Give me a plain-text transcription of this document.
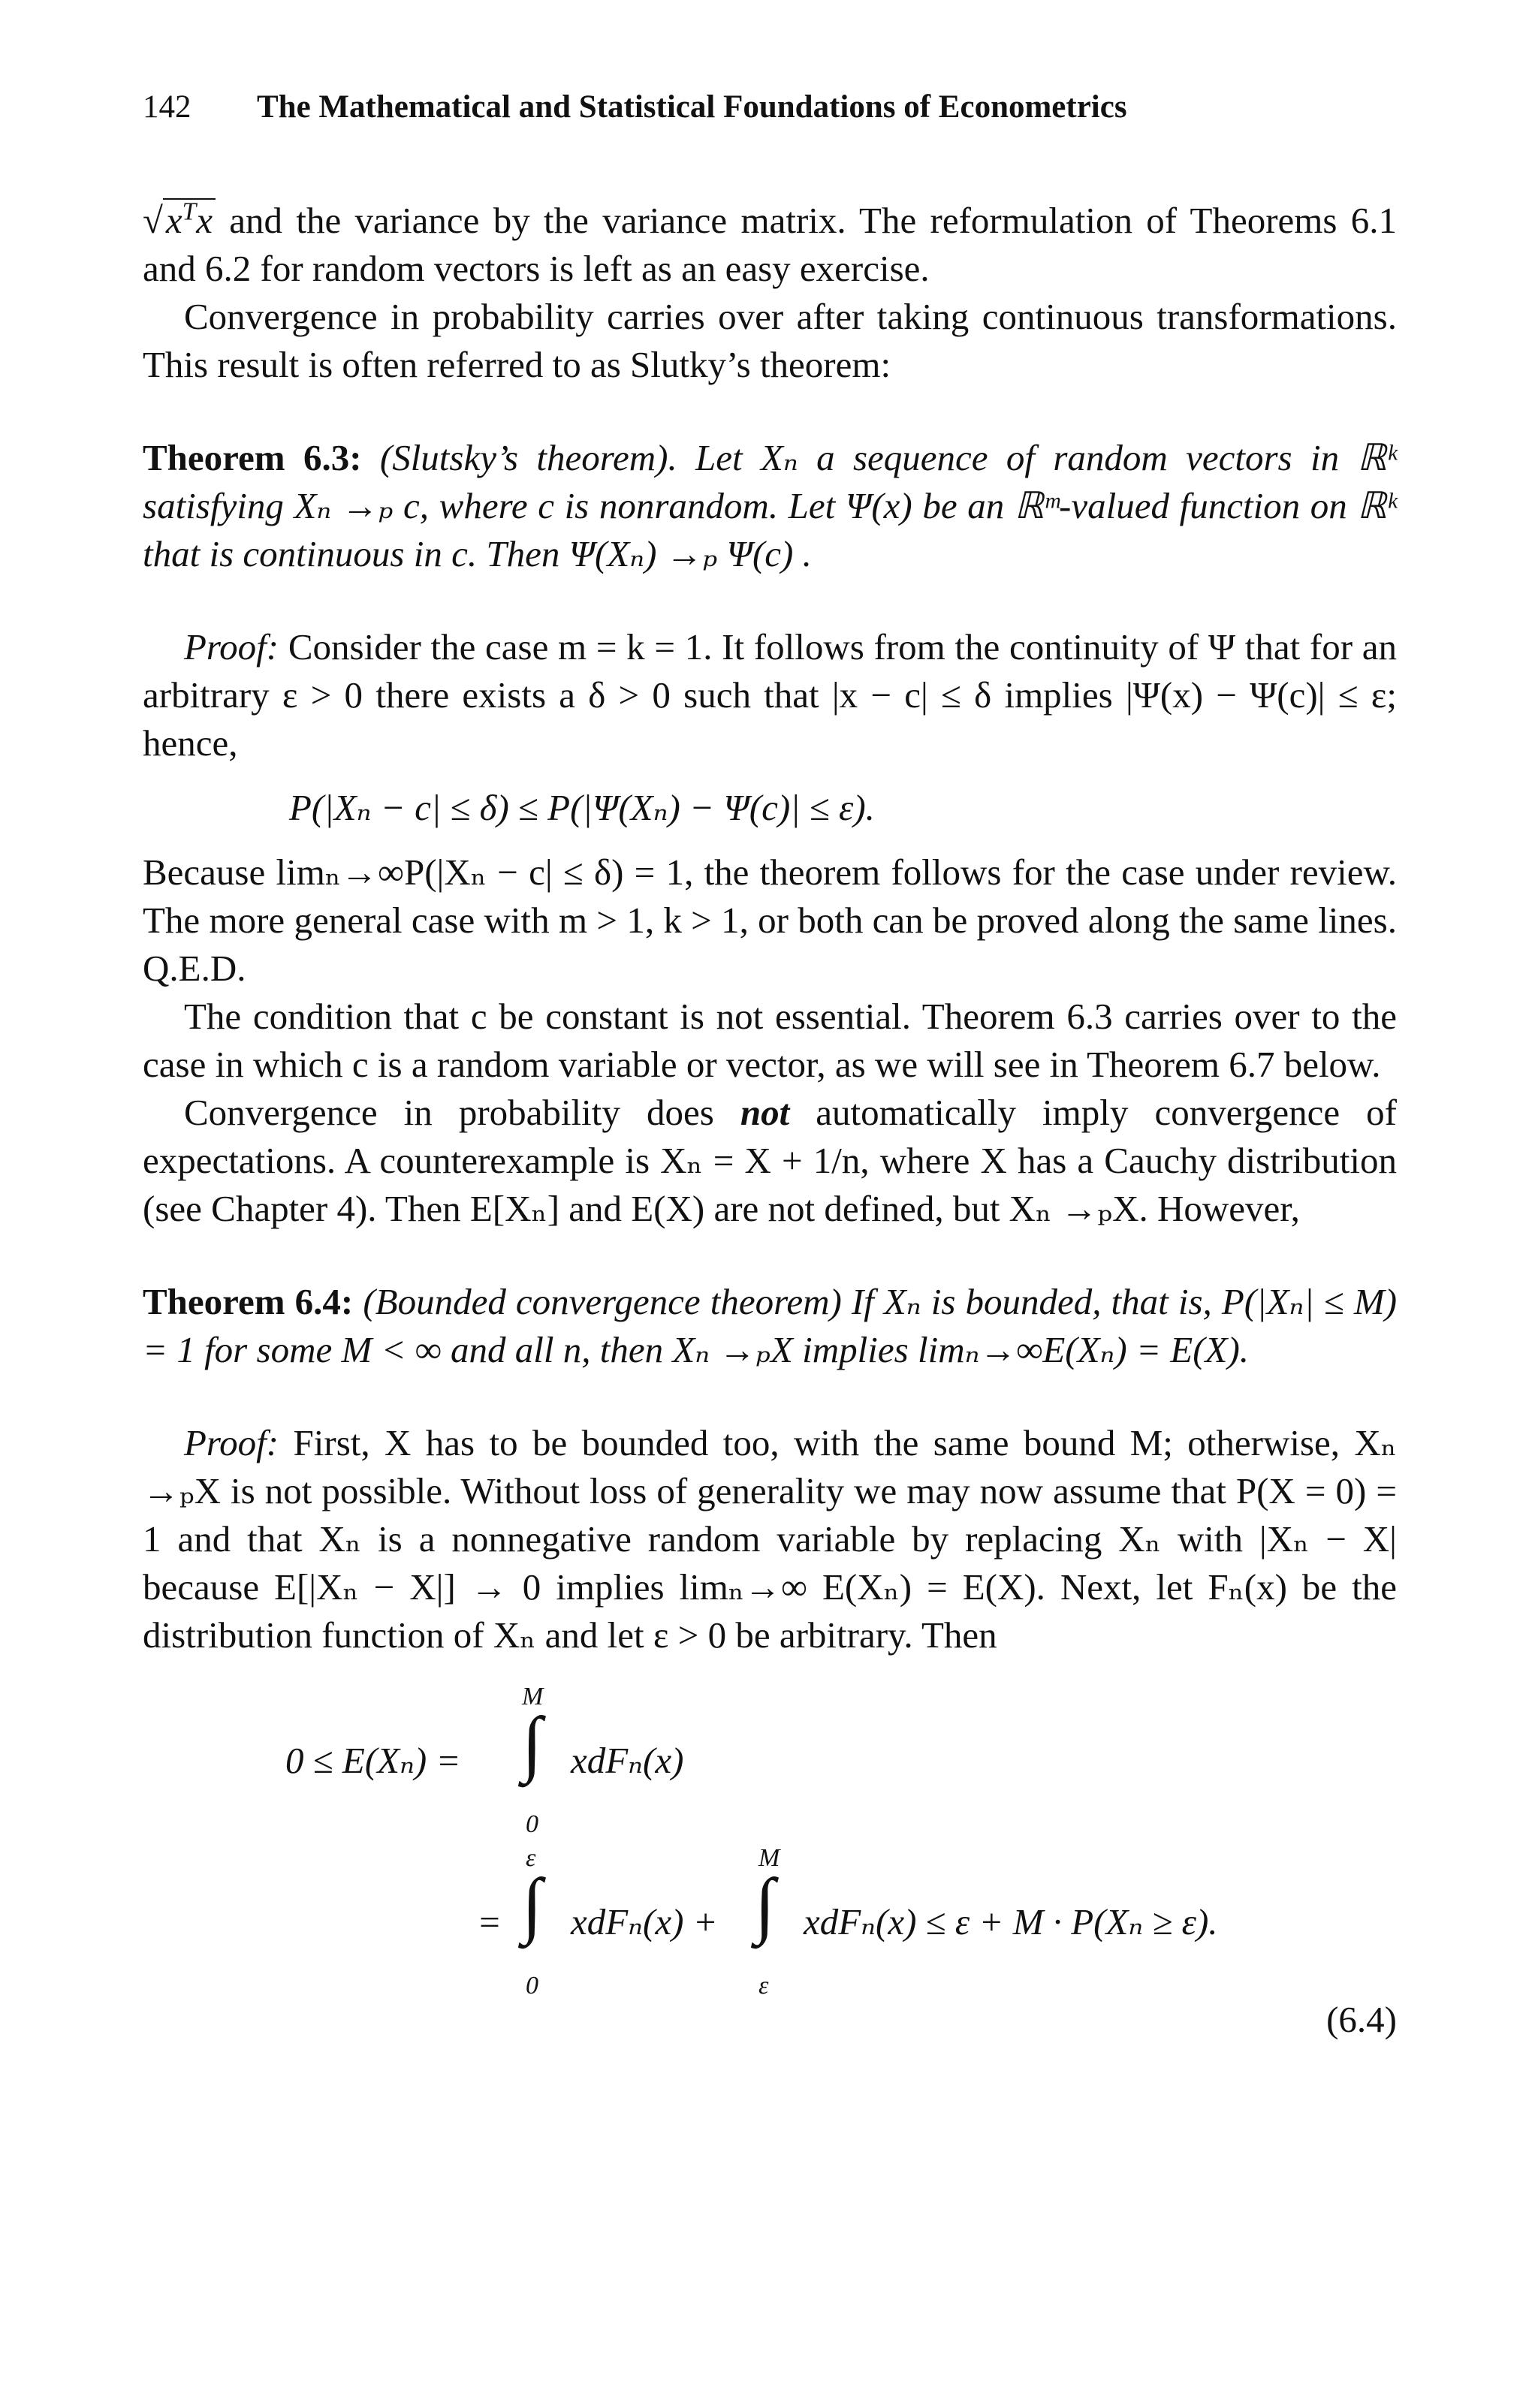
142 The Mathematical and Statistical Foundations of Econometrics

$√x^Tx$ and the variance by the variance matrix. The reformulation of Theorems 6.1 and 6.2 for random vectors is left as an easy exercise.

Convergence in probability carries over after taking continuous transformations. This result is often referred to as Slutky’s theorem:

Theorem 6.3: (Slutsky’s theorem). Let Xₙ a sequence of random vectors in ℝᵏ satisfying Xₙ →ₚ c, where c is nonrandom. Let Ψ(x) be an ℝᵐ-valued function on ℝᵏ that is continuous in c. Then Ψ(Xₙ) →ₚ Ψ(c) .

Proof: Consider the case m = k = 1. It follows from the continuity of Ψ that for an arbitrary ε > 0 there exists a δ > 0 such that |x − c| ≤ δ implies |Ψ(x) − Ψ(c)| ≤ ε; hence,

P(|Xₙ − c| ≤ δ) ≤ P(|Ψ(Xₙ) − Ψ(c)| ≤ ε).

Because limₙ→∞P(|Xₙ − c| ≤ δ) = 1, the theorem follows for the case under review. The more general case with m > 1, k > 1, or both can be proved along the same lines. Q.E.D.

The condition that c be constant is not essential. Theorem 6.3 carries over to the case in which c is a random variable or vector, as we will see in Theorem 6.7 below.

Convergence in probability does not automatically imply convergence of expectations. A counterexample is Xₙ = X + 1/n, where X has a Cauchy distribution (see Chapter 4). Then E[Xₙ] and E(X) are not defined, but Xₙ →ₚX. However,

Theorem 6.4: (Bounded convergence theorem) If Xₙ is bounded, that is, P(|Xₙ| ≤ M) = 1 for some M < ∞ and all n, then Xₙ →ₚX implies limₙ→∞E(Xₙ) = E(X).

Proof: First, X has to be bounded too, with the same bound M; otherwise, Xₙ →ₚX is not possible. Without loss of generality we may now assume that P(X = 0) = 1 and that Xₙ is a nonnegative random variable by replacing Xₙ with |Xₙ − X| because E[|Xₙ − X|] → 0 implies limₙ→∞ E(Xₙ) = E(X). Next, let Fₙ(x) be the distribution function of Xₙ and let ε > 0 be arbitrary. Then

0 ≤ E(Xₙ) =
M
∫
0
xdFₙ(x)
=
ε
∫
0
xdFₙ(x) +
M
∫
ε
xdFₙ(x) ≤ ε + M · P(Xₙ ≥ ε).
(6.4)
